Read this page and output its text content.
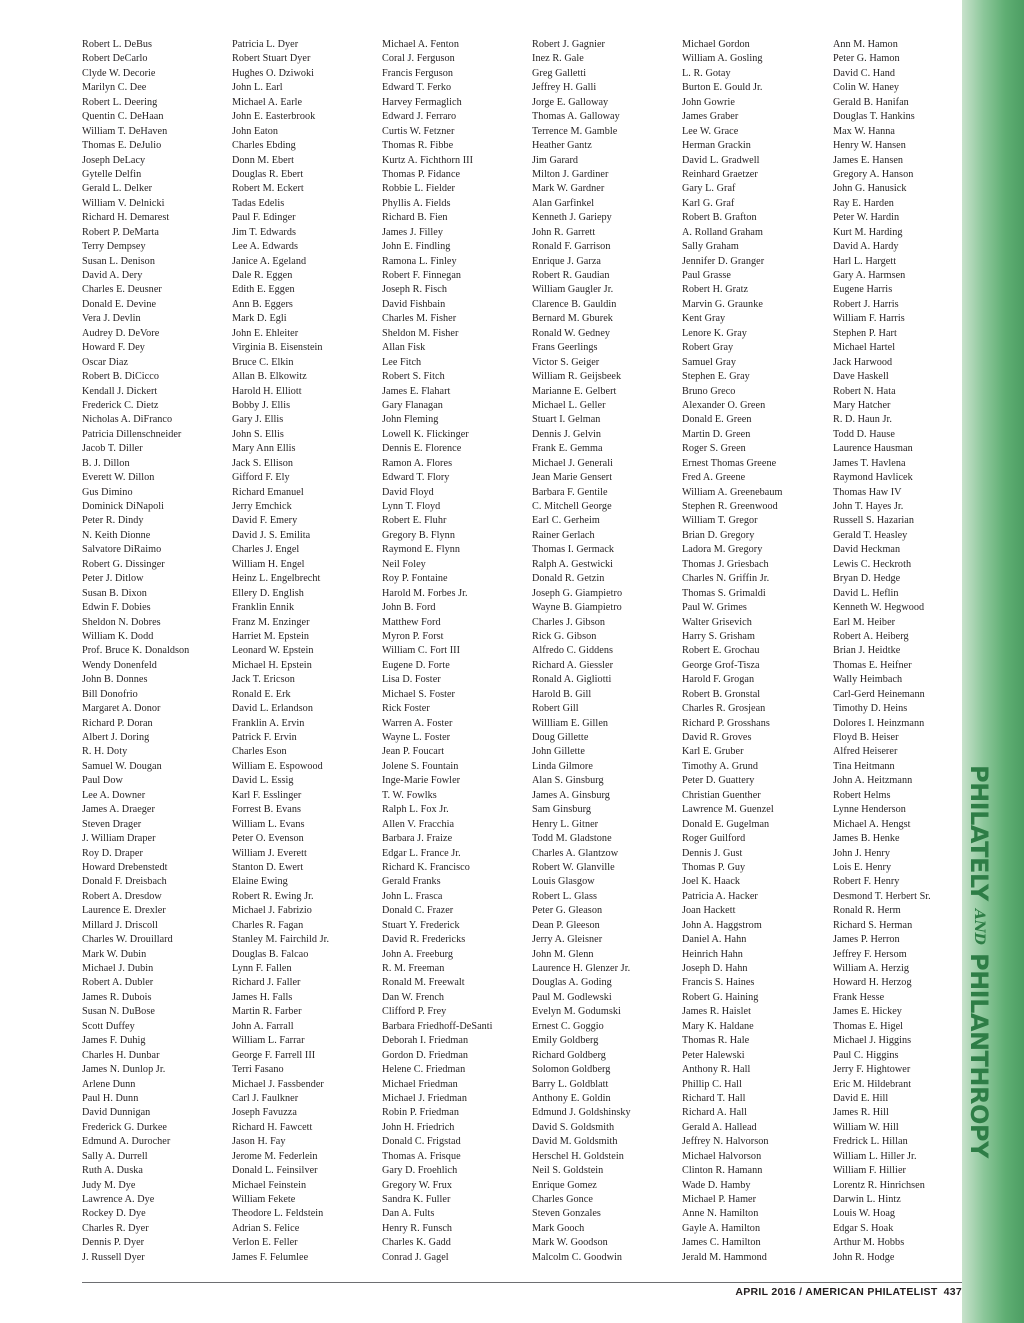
Robert L. DeBus
Robert DeCarlo
Clyde W. Decorie
Marilyn C. Dee
Robert L. Deering
Quentin C. DeHaan
William T. DeHaven
Thomas E. DeJulio
Joseph DeLacy
Gytelle Delfin
Gerald L. Delker
William V. Delnicki
Richard H. Demarest
Robert P. DeMarta
Terry Dempsey
Susan L. Denison
David A. Dery
Charles E. Deusner
Donald E. Devine
Vera J. Devlin
Audrey D. DeVore
Howard F. Dey
Oscar Diaz
Robert B. DiCicco
Kendall J. Dickert
Frederick C. Dietz
Nicholas A. DiFranco
Patricia Dillenschneider
Jacob T. Diller
B. J. Dillon
Everett W. Dillon
Gus Dimino
Dominick DiNapoli
Peter R. Dindy
N. Keith Dionne
Salvatore DiRaimo
Robert G. Dissinger
Peter J. Ditlow
Susan B. Dixon
Edwin F. Dobies
Sheldon N. Dobres
William K. Dodd
Prof. Bruce K. Donaldson
Wendy Donenfeld
John B. Donnes
Bill Donofrio
Margaret A. Donor
Richard P. Doran
Albert J. Doring
R. H. Doty
Samuel W. Dougan
Paul Dow
Lee A. Downer
James A. Draeger
Steven Drager
J. William Draper
Roy D. Draper
Howard Drebenstedt
Donald F. Dreisbach
Robert A. Dresdow
Laurence E. Drexler
Millard J. Driscoll
Charles W. Drouillard
Mark W. Dubin
Michael J. Dubin
Robert A. Dubler
James R. Dubois
Susan N. DuBose
Scott Duffey
James F. Duhig
Charles H. Dunbar
James N. Dunlop Jr.
Arlene Dunn
Paul H. Dunn
David Dunnigan
Frederick G. Durkee
Edmund A. Durocher
Sally A. Durrell
Ruth A. Duska
Judy M. Dye
Lawrence A. Dye
Rockey D. Dye
Charles R. Dyer
Dennis P. Dyer
J. Russell Dyer
Patricia L. Dyer
Robert Stuart Dyer
Hughes O. Dziwoki
John L. Earl
Michael A. Earle
John E. Easterbrook
John Eaton
Charles Ebding
Donn M. Ebert
Douglas R. Ebert
Robert M. Eckert
Tadas Edelis
Paul F. Edinger
Jim T. Edwards
Lee A. Edwards
Janice A. Egeland
Dale R. Eggen
Edith E. Eggen
Ann B. Eggers
Mark D. Egli
John E. Ehleiter
Virginia B. Eisenstein
Bruce C. Elkin
Allan B. Elkowitz
Harold H. Elliott
Bobby J. Ellis
Gary J. Ellis
John S. Ellis
Mary Ann Ellis
Jack S. Ellison
Gifford F. Ely
Richard Emanuel
Jerry Emchick
David F. Emery
David J. S. Emilita
Charles J. Engel
William H. Engel
Heinz L. Engelbrecht
Ellery D. English
Franklin Ennik
Franz M. Enzinger
Harriet M. Epstein
Leonard W. Epstein
Michael H. Epstein
Jack T. Ericson
Ronald E. Erk
David L. Erlandson
Franklin A. Ervin
Patrick F. Ervin
Charles Eson
William E. Espowood
David L. Essig
Karl F. Esslinger
Forrest B. Evans
William L. Evans
Peter O. Evenson
William J. Everett
Stanton D. Ewert
Elaine Ewing
Robert R. Ewing Jr.
Michael J. Fabrizio
Charles R. Fagan
Stanley M. Fairchild Jr.
Douglas B. Falcao
Lynn F. Fallen
Richard J. Faller
James H. Falls
Martin R. Farber
John A. Farrall
William L. Farrar
George F. Farrell III
Terri Fasano
Michael J. Fassbender
Carl J. Faulkner
Joseph Favuzza
Richard H. Fawcett
Jason H. Fay
Jerome M. Federlein
Donald L. Feinsilver
Michael Feinstein
William Fekete
Theodore L. Feldstein
Adrian S. Felice
Verlon E. Feller
James F. Felumlee
Michael A. Fenton
Coral J. Ferguson
Francis Ferguson
Edward T. Ferko
Harvey Fermaglich
Edward J. Ferraro
Curtis W. Fetzner
Thomas R. Fibbe
Kurtz A. Fichthorn III
Thomas P. Fidance
Robbie L. Fielder
Phyllis A. Fields
Richard B. Fien
James J. Filley
John E. Findling
Ramona L. Finley
Robert F. Finnegan
Joseph R. Fisch
David Fishbain
Charles M. Fisher
Sheldon M. Fisher
Allan Fisk
Lee Fitch
Robert S. Fitch
James E. Flahart
Gary Flanagan
John Fleming
Lowell K. Flickinger
Dennis E. Florence
Ramon A. Flores
Edward T. Flory
David Floyd
Lynn T. Floyd
Robert E. Fluhr
Gregory B. Flynn
Raymond E. Flynn
Neil Foley
Roy P. Fontaine
Harold M. Forbes Jr.
John B. Ford
Matthew Ford
Myron P. Forst
William C. Fort III
Eugene D. Forte
Lisa D. Foster
Michael S. Foster
Rick Foster
Warren A. Foster
Wayne L. Foster
Jean P. Foucart
Jolene S. Fountain
Inge-Marie Fowler
T. W. Fowlks
Ralph L. Fox Jr.
Allen V. Fracchia
Barbara J. Fraize
Edgar L. France Jr.
Richard K. Francisco
Gerald Franks
John L. Frasca
Donald C. Frazer
Stuart Y. Frederick
David R. Fredericks
John A. Freeburg
R. M. Freeman
Ronald M. Freewalt
Dan W. French
Clifford P. Frey
Barbara Friedhoff-DeSanti
Deborah I. Friedman
Gordon D. Friedman
Helene C. Friedman
Michael Friedman
Michael J. Friedman
Robin P. Friedman
John H. Friedrich
Donald C. Frigstad
Thomas A. Frisque
Gary D. Froehlich
Gregory W. Frux
Sandra K. Fuller
Dan A. Fults
Henry R. Funsch
Charles K. Gadd
Conrad J. Gagel
Robert J. Gagnier
Inez R. Gale
Greg Galletti
Jeffrey H. Galli
Jorge E. Galloway
Thomas A. Galloway
Terrence M. Gamble
Heather Gantz
Jim Garard
Milton J. Gardiner
Mark W. Gardner
Alan Garfinkel
Kenneth J. Gariepy
John R. Garrett
Ronald F. Garrison
Enrique J. Garza
Robert R. Gaudian
William Gaugler Jr.
Clarence B. Gauldin
Bernard M. Gburek
Ronald W. Gedney
Frans Geerlings
Victor S. Geiger
William R. Geijsbeek
Marianne E. Gelbert
Michael L. Geller
Stuart I. Gelman
Dennis J. Gelvin
Frank E. Gemma
Michael J. Generali
Jean Marie Gensert
Barbara F. Gentile
C. Mitchell George
Earl C. Gerheim
Rainer Gerlach
Thomas I. Germack
Ralph A. Gestwicki
Donald R. Getzin
Joseph G. Giampietro
Wayne B. Giampietro
Charles J. Gibson
Rick G. Gibson
Alfredo C. Giddens
Richard A. Giessler
Ronald A. Gigliotti
Harold B. Gill
Robert Gill
Willliam E. Gillen
Doug Gillette
John Gillette
Linda Gilmore
Alan S. Ginsburg
James A. Ginsburg
Sam Ginsburg
Henry L. Gitner
Todd M. Gladstone
Charles A. Glantzow
Robert W. Glanville
Louis Glasgow
Robert L. Glass
Peter G. Gleason
Dean P. Gleeson
Jerry A. Gleisner
John M. Glenn
Laurence H. Glenzer Jr.
Douglas A. Goding
Paul M. Godlewski
Evelyn M. Godumski
Ernest C. Goggio
Emily Goldberg
Richard Goldberg
Solomon Goldberg
Barry L. Goldblatt
Anthony E. Goldin
Edmund J. Goldshinsky
David S. Goldsmith
David M. Goldsmith
Herschel H. Goldstein
Neil S. Goldstein
Enrique Gomez
Charles Gonce
Steven Gonzales
Mark Gooch
Mark W. Goodson
Malcolm C. Goodwin
Michael Gordon
William A. Gosling
L. R. Gotay
Burton E. Gould Jr.
John Gowrie
James Graber
Lee W. Grace
Herman Grackin
David L. Gradwell
Reinhard Graetzer
Gary L. Graf
Karl G. Graf
Robert B. Grafton
A. Rolland Graham
Sally Graham
Jennifer D. Granger
Paul Grasse
Robert H. Gratz
Marvin G. Graunke
Kent Gray
Lenore K. Gray
Robert Gray
Samuel Gray
Stephen E. Gray
Bruno Greco
Alexander O. Green
Donald E. Green
Martin D. Green
Roger S. Green
Ernest Thomas Greene
Fred A. Greene
William A. Greenebaum
Stephen R. Greenwood
William T. Gregor
Brian D. Gregory
Ladora M. Gregory
Thomas J. Griesbach
Charles N. Griffin Jr.
Thomas S. Grimaldi
Paul W. Grimes
Walter Grisevich
Harry S. Grisham
Robert E. Grochau
George Grof-Tisza
Harold F. Grogan
Robert B. Gronstal
Charles R. Grosjean
Richard P. Grosshans
David R. Groves
Karl E. Gruber
Timothy A. Grund
Peter D. Guattery
Christian Guenther
Lawrence M. Guenzel
Donald E. Gugelman
Roger Guilford
Dennis J. Gust
Thomas P. Guy
Joel K. Haack
Patricia A. Hacker
Joan Hackett
John A. Haggstrom
Daniel A. Hahn
Heinrich Hahn
Joseph D. Hahn
Francis S. Haines
Robert G. Haining
James R. Haislet
Mary K. Haldane
Thomas R. Hale
Peter Halewski
Anthony R. Hall
Phillip C. Hall
Richard T. Hall
Richard A. Hall
Gerald A. Hallead
Jeffrey N. Halvorson
Michael Halvorson
Clinton R. Hamann
Wade D. Hamby
Michael P. Hamer
Anne N. Hamilton
Gayle A. Hamilton
James C. Hamilton
Jerald M. Hammond
Ann M. Hamon
Peter G. Hamon
David C. Hand
Colin W. Haney
Gerald B. Hanifan
Douglas T. Hankins
Max W. Hanna
Henry W. Hansen
James E. Hansen
Gregory A. Hanson
John G. Hanusick
Ray E. Harden
Peter W. Hardin
Kurt M. Harding
David A. Hardy
Harl L. Hargett
Gary A. Harmsen
Eugene Harris
Robert J. Harris
William F. Harris
Stephen P. Hart
Michael Hartel
Jack Harwood
Dave Haskell
Robert N. Hata
Mary Hatcher
R. D. Haun Jr.
Todd D. Hause
Laurence Hausman
James T. Havlena
Raymond Havlicek
Thomas Haw IV
John T. Hayes Jr.
Russell S. Hazarian
Gerald T. Heasley
David Heckman
Lewis C. Heckroth
Bryan D. Hedge
David L. Heflin
Kenneth W. Hegwood
Earl M. Heiber
Robert A. Heiberg
Brian J. Heidtke
Thomas E. Heifner
Wally Heimbach
Carl-Gerd Heinemann
Timothy D. Heins
Dolores I. Heinzmann
Floyd B. Heiser
Alfred Heiserer
Tina Heitmann
John A. Heitzmann
Robert Helms
Lynne Henderson
Michael A. Hengst
James B. Henke
John J. Henry
Lois E. Henry
Robert F. Henry
Desmond T. Herbert Sr.
Ronald R. Herm
Richard S. Herman
James P. Herron
Jeffrey F. Hersom
William A. Herzig
Howard H. Herzog
Frank Hesse
James E. Hickey
Thomas E. Higel
Michael J. Higgins
Paul C. Higgins
Jerry F. Hightower
Eric M. Hildebrant
David E. Hill
James R. Hill
William W. Hill
Fredrick L. Hillan
William L. Hiller Jr.
William F. Hillier
Lorentz R. Hinrichsen
Darwin L. Hintz
Louis W. Hoag
Edgar S. Hoak
Arthur M. Hobbs
John R. Hodge
PHILATELY
AND
PHILANTHROPY
APRIL 2016 / AMERICAN PHILATELIST 437
